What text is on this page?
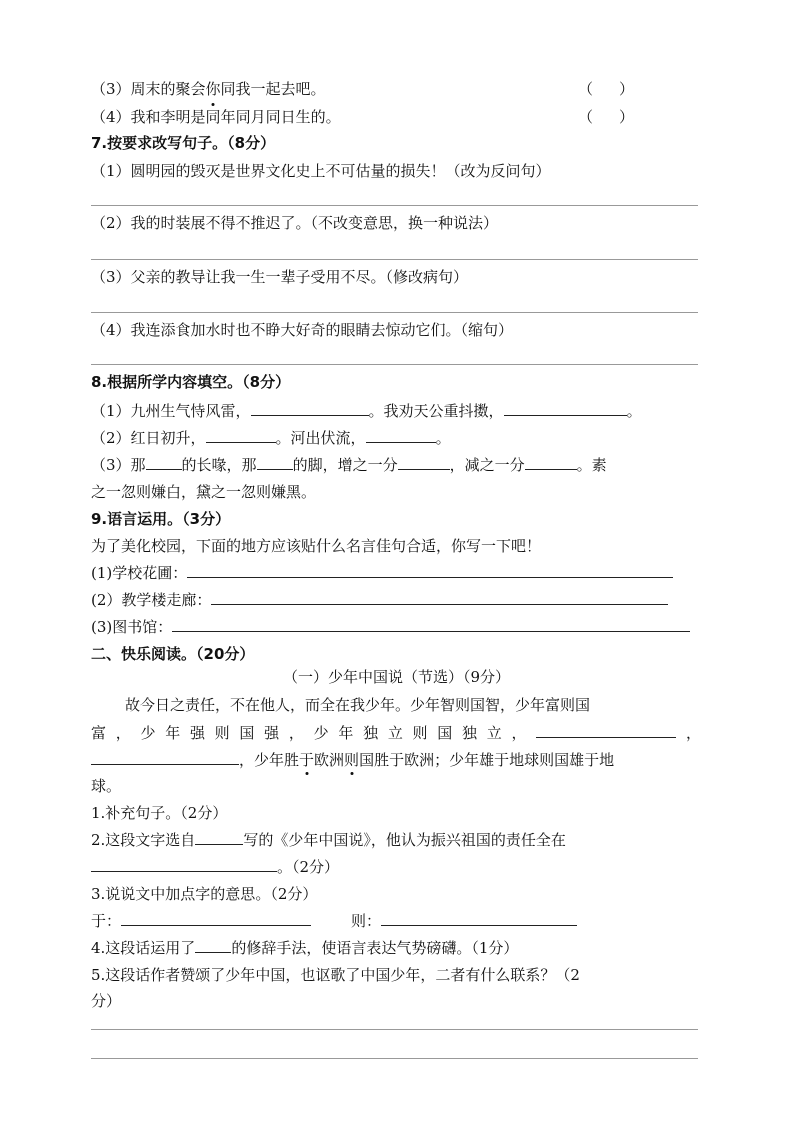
（3）周末的聚会你同我一起去吧。	（ ）
（4）我和李明是同年同月同日生的。	（ ）
7.按要求改写句子。（8分）
（1）圆明园的毁灭是世界文化史上不可估量的损失！（改为反问句）
（2）我的时装展不得不推迟了。（不改变意思，换一种说法）
（3）父亲的教导让我一生一辈子受用不尽。（修改病句）
（4）我连添食加水时也不睁大好奇的眼睛去惊动它们。（缩句）
8.根据所学内容填空。（8分）
（1）九州生气恃风雷，	。我劝天公重抖擞，	。
（2）红日初升，	。河出伏流，	。
（3）那 的长喙，那 的脚，增之一分	，减之一分	。素
之一忽则嫌白，黛之一忽则嫌黑。
9.语言运用。（3分）
为了美化校园，下面的地方应该贴什么名言佳句合适，你写一下吧！
(1)学校花圃：
(2）教学楼走廊：
(3)图书馆：
二、快乐阅读。（20分）
（一）少年中国说（节选）（9分）
故今日之责任，不在他人，而全在我少年。少年智则国智，少年富则国
富 ， 少 年 强 则 国 强 ， 少 年 独 立 则 国 独 立 ，	，
，少年胜于欧洲则国胜于欧洲；少年雄于地球则国雄于地
球。
1.补充句子。（2分）
2.这段文字选自	写的《少年中国说》，他认为振兴祖国的责任全在
。（2分）
3.说说文中加点字的意思。（2分）
于：	则：
4.这段话运用了 的修辞手法，使语言表达气势磅礴。（1分）
5.这段话作者赞颂了少年中国，也讴歌了中国少年，二者有什么联系？（2
分）
